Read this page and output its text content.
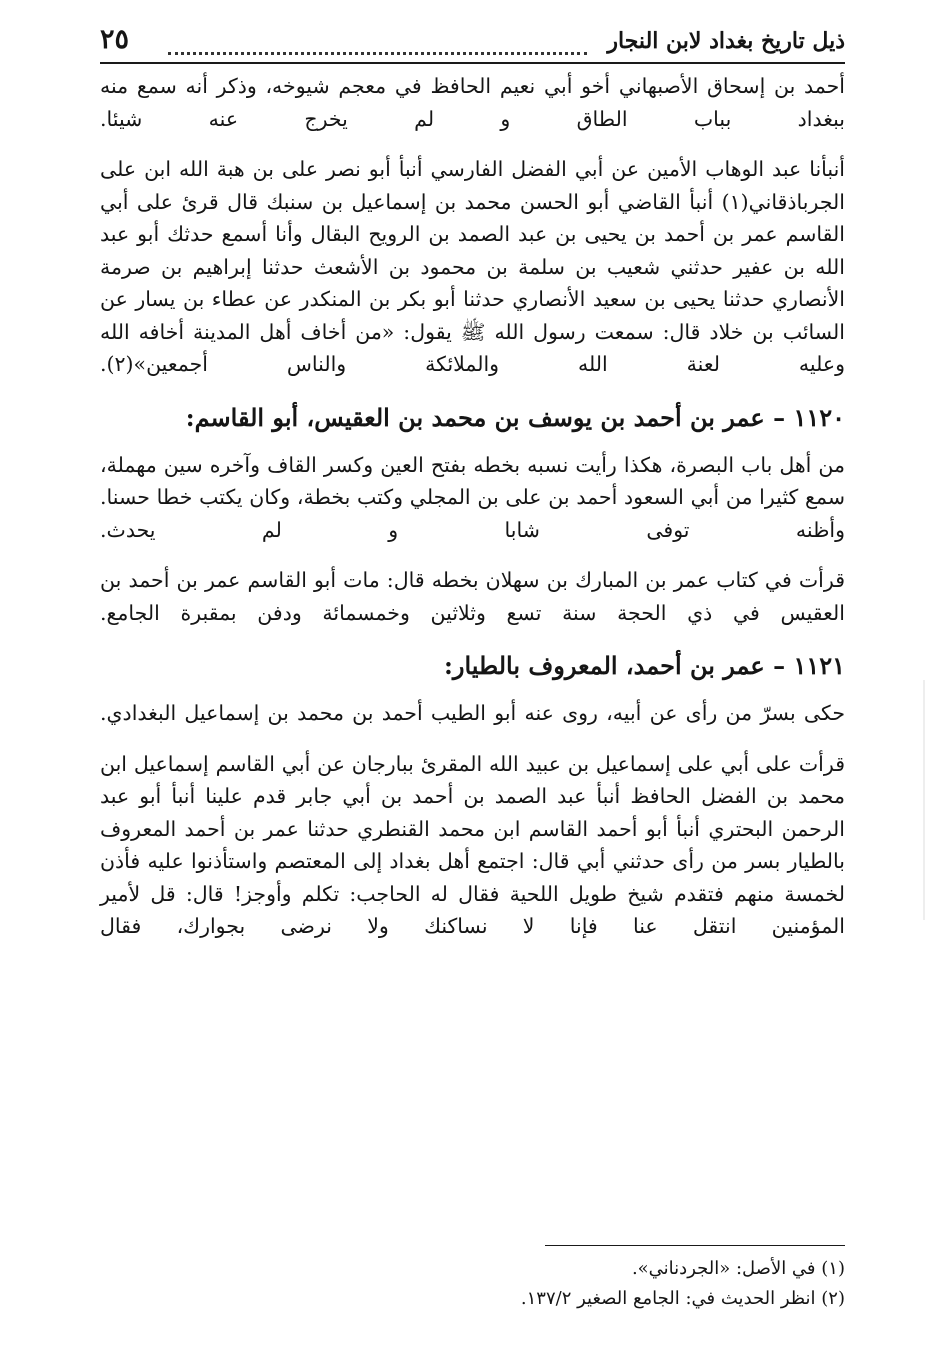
ذيل تاريخ بغداد لابن النجار
٢٥

أحمد بن إسحاق الأصبهاني أخو أبي نعيم الحافظ في معجم شيوخه، وذكر أنه سمع منه ببغداد بباب الطاق و لم يخرج عنه شيئا.

أنبأنا عبد الوهاب الأمين عن أبي الفضل الفارسي أنبأ أبو نصر على بن هبة الله ابن على الجرباذقاني(١) أنبأ القاضي أبو الحسن محمد بن إسماعيل بن سنبك قال قرئ على أبي القاسم عمر بن أحمد بن يحيى بن عبد الصمد بن الرويح البقال وأنا أسمع حدثك أبو عبد الله بن عفير حدثني شعيب بن سلمة بن محمود بن الأشعث حدثنا إبراهيم بن صرمة الأنصاري حدثنا يحيى بن سعيد الأنصاري حدثنا أبو بكر بن المنكدر عن عطاء بن يسار عن السائب بن خلاد قال: سمعت رسول الله ﷺ يقول: «من أخاف أهل المدينة أخافه الله وعليه لعنة الله والملائكة والناس أجمعين»(٢).

١١٢٠ – عمر بن أحمد بن يوسف بن محمد بن العقيس، أبو القاسم:

من أهل باب البصرة، هكذا رأيت نسبه بخطه بفتح العين وكسر القاف وآخره سين مهملة، سمع كثيرا من أبي السعود أحمد بن على بن المجلي وكتب بخطة، وكان يكتب خطا حسنا. وأظنه توفى شابا و لم يحدث.

قرأت في كتاب عمر بن المبارك بن سهلان بخطه قال: مات أبو القاسم عمر بن أحمد بن العقيس في ذي الحجة سنة تسع وثلاثين وخمسمائة ودفن بمقبرة الجامع.

١١٢١ – عمر بن أحمد، المعروف بالطيار:

حكى بسرّ من رأى عن أبيه، روى عنه أبو الطيب أحمد بن محمد بن إسماعيل البغدادي.

قرأت على أبي على إسماعيل بن عبيد الله المقرئ ببارجان عن أبي القاسم إسماعيل ابن محمد بن الفضل الحافظ أنبأ عبد الصمد بن أحمد بن أبي جابر قدم علينا أنبأ أبو عبد الرحمن البحتري أنبأ أبو أحمد القاسم ابن محمد القنطري حدثنا عمر بن أحمد المعروف بالطيار بسر من رأى حدثني أبي قال: اجتمع أهل بغداد إلى المعتصم واستأذنوا عليه فأذن لخمسة منهم فتقدم شيخ طويل اللحية فقال له الحاجب: تكلم وأوجز! قال: قل لأمير المؤمنين انتقل عنا فإنا لا نساكنك ولا نرضى بجوارك، فقال

(١) في الأصل: «الجردناني».

(٢) انظر الحديث في: الجامع الصغير ١٣٧/٢.
